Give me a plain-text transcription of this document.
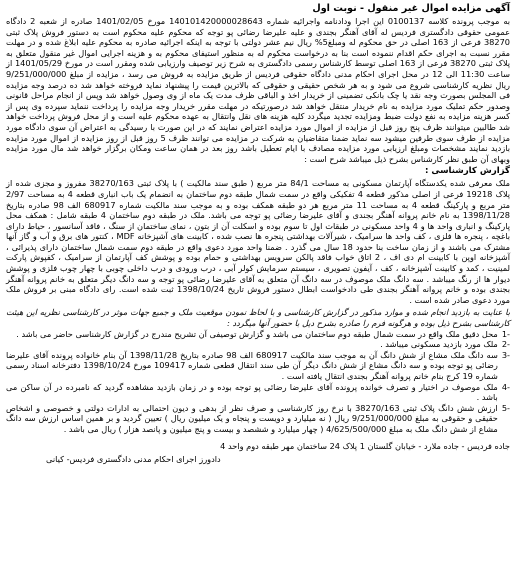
آگهی مزایده اموال غیر منقول - نوبت اول

به موجب پرونده کلاسه 0100137 این اجرا ودادنامه واجرائیه شماره 140101420000028643 مورخ 1401/02/05 صادره از شعبه 2 دادگاه عمومی حقوقی دادگستری فردیس له آقای آهنگر بجندی و علیه علیرضا رضائی پو توجه که محکوم علیه محکوم است به دستور فروش پلاک ثبتی 38270 فرعی از 163 اصلی در حق محکوم له ومبلغ5% ریال نیم عشر دولتی با توجه به اینکه اجرائیه صادره به محکوم علیه ابلاغ شده و در مهلت مقرر نسبت به اجرای حکم اقدام ننموده است بنا به درخواست محکوم له به منظور استیفای محکوم به و هزینه اجرایی اموال غیر منقول متعلق به پلاک ثبتی 38270 فرعی از 163 اصلی توسط کارشناس رسمی دادگستری به شرح زیر توصیف وارزیابی شده ومقرر است در مورخ 1401/05/29 از ساعت 11:30 الی 12 در محل اجرای احکام مدنی دادگاه حقوقی فردیس از طریق مزایده به فروش می رسد ، مزایده از مبلغ 9/251/000/000 ریال نظریه کارشناسی شروع می شود و به هر شخص حقیقی و حقوقی که بالاترین قیمت را پیشنهاد نماید فروخته خواهد شد ده درصد وجه مزایده فی المجلس بصورت وجه نقد یا چک بانکی تضمینی از خریدار اخذ و الباقی ظرف مدت یک ماه از وی وصول خواهد شد وپس از انجام مراحل قانونی وصدور حکم تملیک مورد مزایده به نام خریدار منتقل خواهد شد درصورتیکه در مهلت مقرر خریدار وجه مزایده را پرداخت ننماید سپرده وی پس از کسر هزینه مزایده به نفع دولت ضبط ومزایده تجدید میگردد کلیه هزینه های نقل وانتقال به عهده محکوم علیه است و از محل فروش پرداخت خواهد شد طالبین میتوانند ظرف پنج روز قبل از مزایده از اموال مورد مزایده اعتراض نمایند که در این صورت با رسیدگی به اعتراض آن سوی دادگاه مورد مزایده از طرف سوی طرفین میشود سه نماید ضمنا متقاضیان به شرکت در مزایده می توانند ظرف 5 روز قبل از روز مزایده از اموال مورد مزایده بازدید نمایند مشخصات ومبلغ ارزیابی مورد مزایده مصادف با ایام تعطیل باشد روز بعد در همان ساعت ومکان برگزار خواهد شد مال مورد مزایده وبهای آن طبق نظر کارشناس بشرح ذیل میباشد شرح است :

گزارش کارشناسی :

ملک معرفی شده یکدستگاه آپارتمان مسکونی به مساحت 84/1 متر مربع ( طبق سند مالکیت ) با پلاک ثبتی 38270/163 مفروز و مجزی شده از پلاک 19218 فرعی از اصلی مذکور قطعه 4 تفکیکی واقع در سمت شمال طبقه دوم ساختمان به انضمام یک باب انباری قطعه 4 به مساحت 2/97 متر مربع و پارکینگ قطعه 4 به مساحت 11 متر مربع هر دو طبقه همکف بوده و به موجب سند مالکیت شماره 680917 الف 98 صادره بتاریخ 1398/11/28 به نام خانم پروانه آهنگر بجندی و آقای علیرضا رضائی پو توجه می باشد. ملک در طبقه دوم ساختمان 4 طبقه شامل : همکف محل پارکینگ و انباری واحد ها و 4 واحد مسکونی در طبقات اول تا سوم بوده و اسکلت آن از بتون ، نمای ساختمان از سنگ ، فاقد آسانسور ، حیاط دارای باغچه ، پنجره ها فلزی ، کف واحد ها سرامیک ، شیرآلات بهداشتی پنجره ها نصب شده ، کابینت های آشپزخانه MDF ، کنتور های برق و آب و گاز آنها مشترک می باشند و از زمان ساخت بنا حدود 18 سال می گذرد . ضمنا واحد مورد دعوی واقع در طبقه دوم سمت شمال ساختمان دارای پذیرائی ، آشپزخانه اوپن با کابینت ام دی اف ، 2 اتاق خواب فاقد پالکن سرویس بهداشتی و حمام بوده و پوشش کف آپارتمان از سرامیک ، کفپوش پارکت لمینیت ، کمد و کابینت آشپزخانه ، کف ، آیفون تصویری ، سیستم سرمایش کولر آبی ، درب ورودی و درب داخلی چوبی با چهار چوب فلزی و پوشش دیوار ها از رنگ میباشد . سه دانگ ملک موصوف در سه دانگ آن متعلق به آقای علیرضا رضائی پو توجه و سه دانگ دیگر متعلق به خانم پروانه آهنگر بجندی بوده و خانم پروانه آهنگر بجندی طی دادخواست ابطال دستور فروش تاریخ 1398/10/24 ثبت شده است. رای دادگاه مبنی بر فروش ملک مورد دعوی صادر شده است .

با عنایت به بازدید انجام شده و موارد مذکور در گزارش کارشناسی و با لحاظ نمودن موقعیت ملک و جمیع جهات موثر در کارشناسی نظریه این هیئت کارشناسی بشرح ذیل بوده و هرگونه فرم را صادره بشرح دیل با حضور آنها میگردد :

-1

محل دقیق ملک واقع در سمت شمال طبقه دوم ساختمان می باشد و گزارش توصیفی آن تشریح مندرج در گزارش کارشناسی حاضر می باشد .

-2

ملک مورد بازدید مسکونی میباشد .

-3

سه دانگ ملک مشاع از شش دانگ آن به موجب سند مالکیت 680917 الف 98 صادره بتاریخ 1398/11/28 آن بنام خانواده پرونده آقای علیرضا رضائی پو توجه بوده و سه دانگ مشاع از شش دانگ دیگر آن طی سند انتقال قطعی شماره 109417 مورخ 1398/10/24 دفترخانه اسناد رسمی شماره 19 کرج بنام خانم پروانه آهنگر بجندی انتقال یافته است .

-4

ملک موصوف در اختیار و تصرف خوانده پرونده آقای علیرضا رضائی پو توجه بوده و در زمان بازدید مشاهده گردید که نامبرده در آن ساکن می باشد .

-5

ارزش شش دانگ پلاک ثبتی 38270/163 با نرخ روز کارشناسی و صرف نظر از بدهی و دیون احتمالی به ادارات دولتی و خصوصی و اشخاص حقیقی و حقوقی به مبلغ 9/251/000/000 ریال ( نه میلیارد و دویست و پنجاه و یک میلیون ریال ) تعیین گردید و بر همین اساس ارزش سه دانگ مشاع از شش دانگ ملک به مبلغ 4/625/500/000 ( چهار میلیارد و ششصد و بیست و پنج میلیون و پانصد هزار ) ریال می باشد .

جاده فردیس - جاده ملارد - خیابان گلستان 1 پلاک 24 ساختمان مهر طبقه دوم واحد 4
دادورز اجرای احکام مدنی دادگستری فردیس- کیانی
